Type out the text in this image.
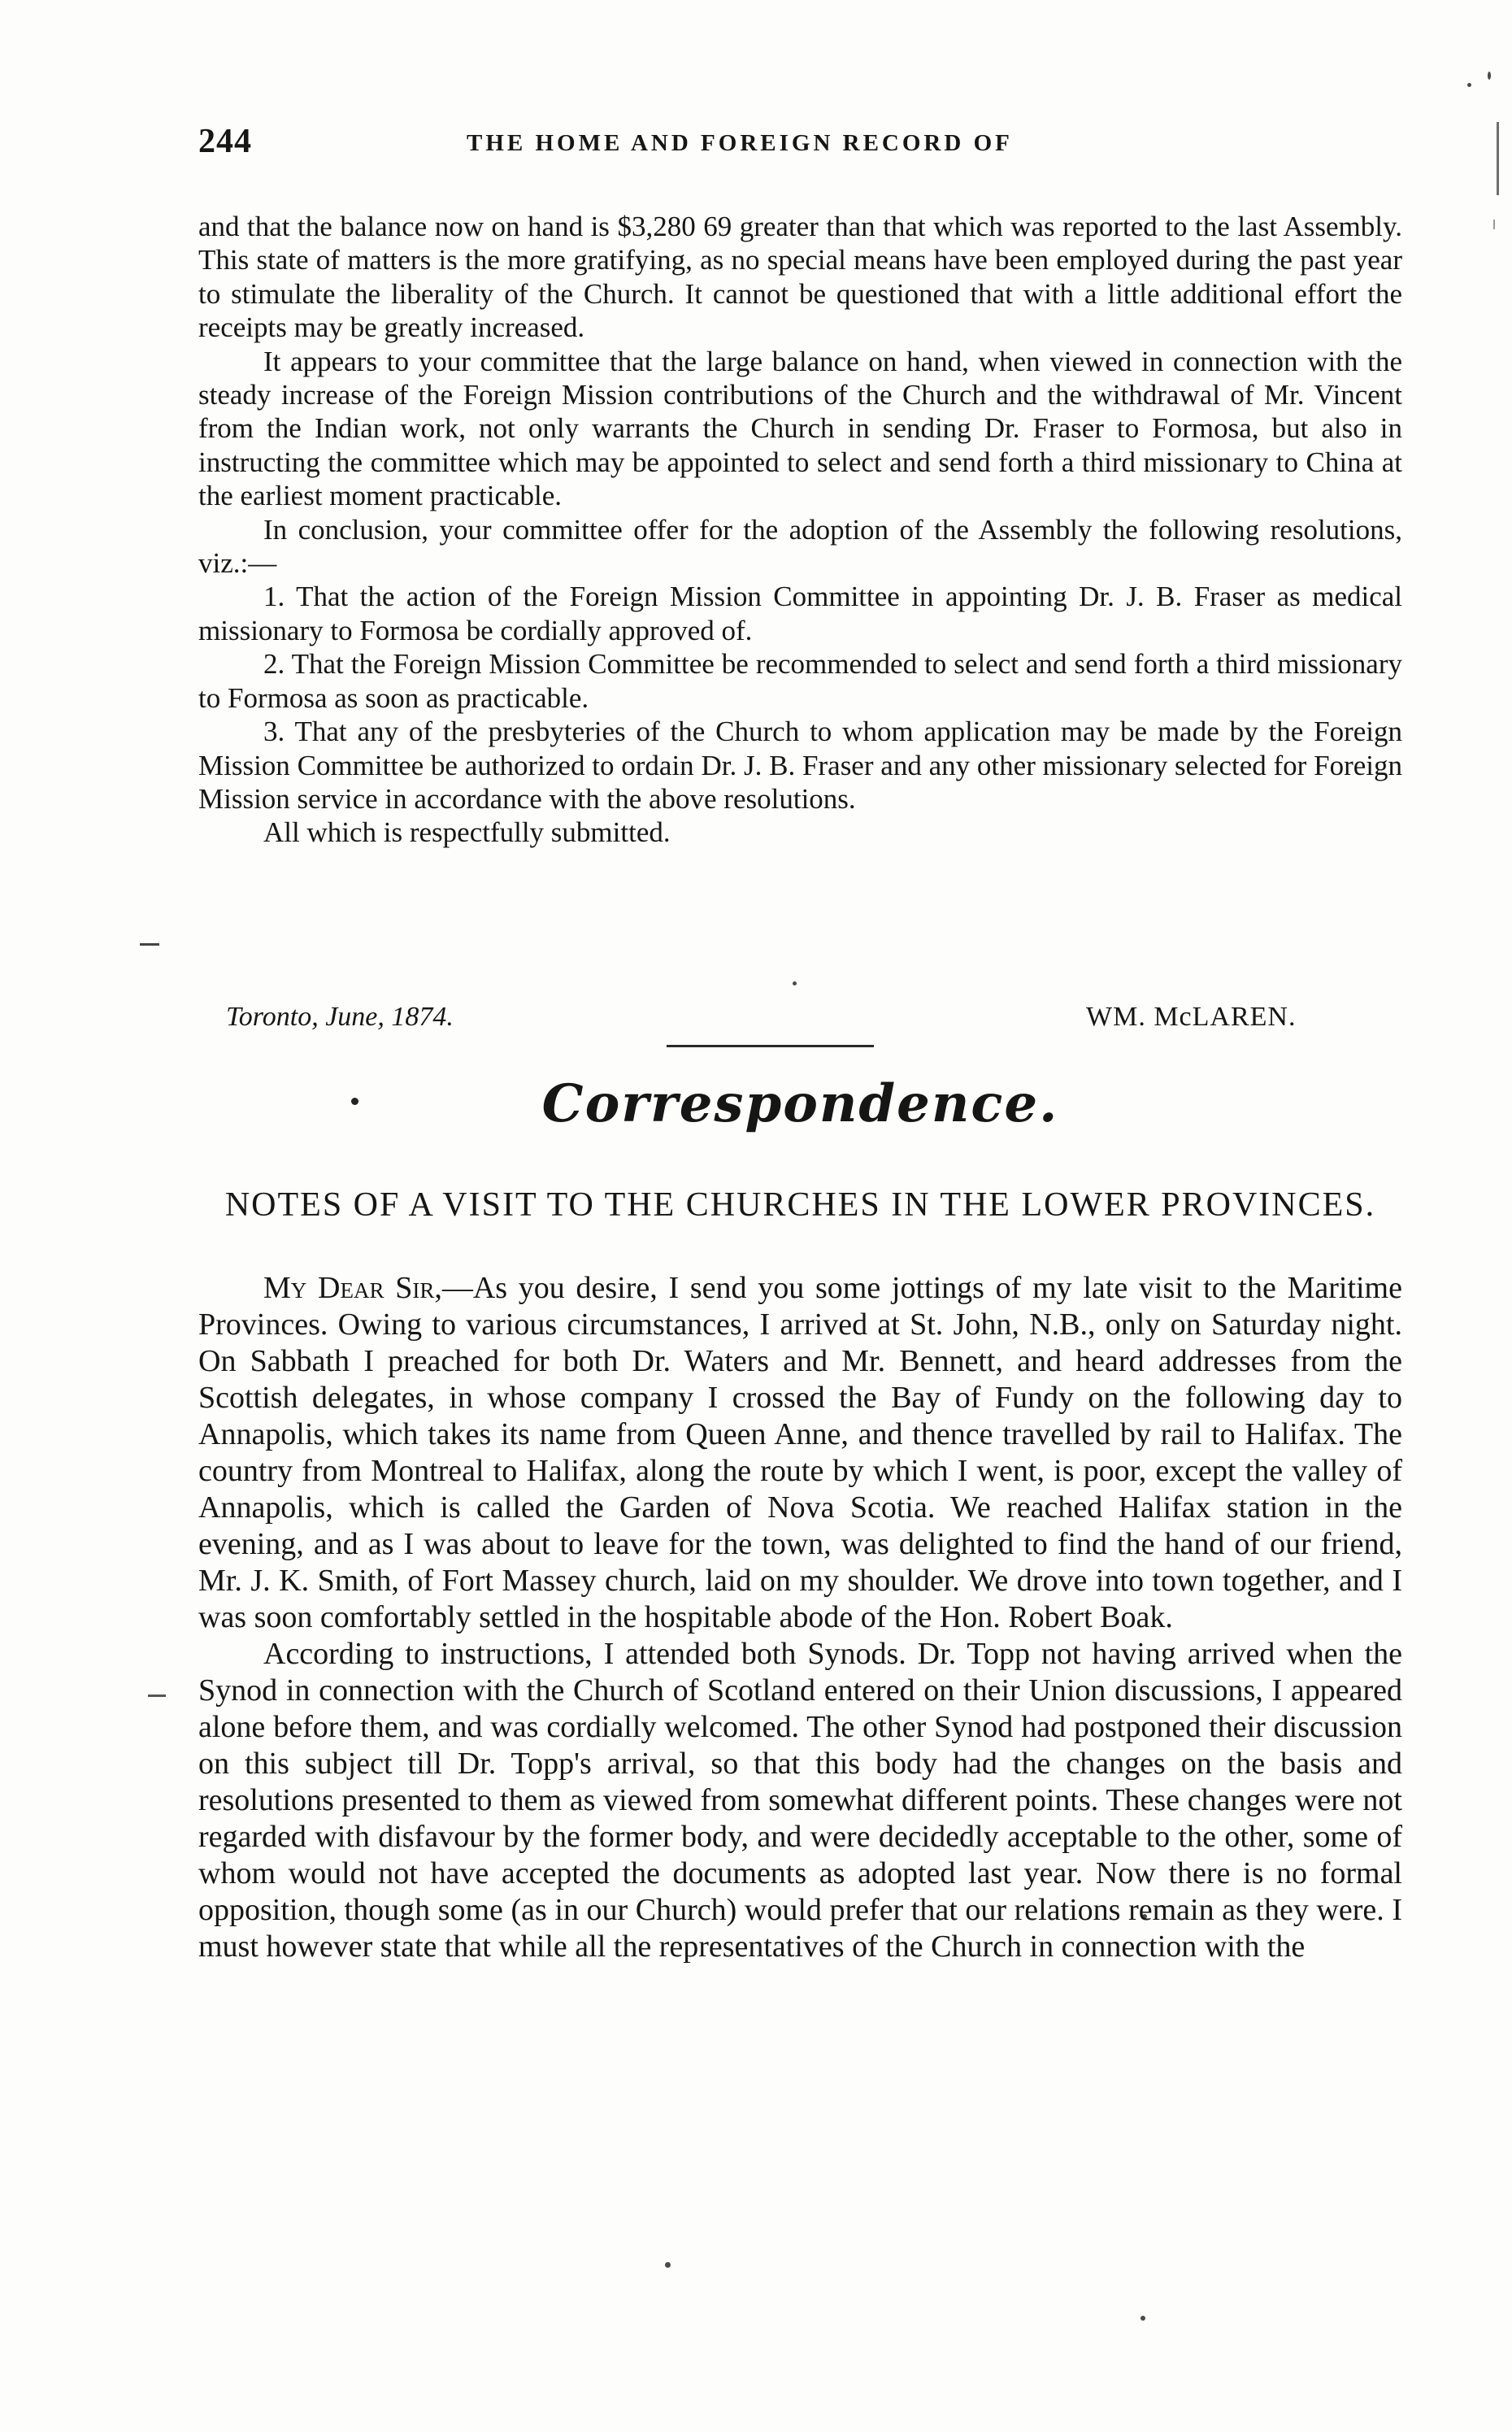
244	THE HOME AND FOREIGN RECORD OF

and that the balance now on hand is $3,280 69 greater than that which was reported to the last Assembly. This state of matters is the more gratifying, as no special means have been employed during the past year to stimulate the liberality of the Church. It cannot be questioned that with a little additional effort the receipts may be greatly increased.

It appears to your committee that the large balance on hand, when viewed in connection with the steady increase of the Foreign Mission contributions of the Church and the withdrawal of Mr. Vincent from the Indian work, not only warrants the Church in sending Dr. Fraser to Formosa, but also in instructing the committee which may be appointed to select and send forth a third missionary to China at the earliest moment practicable.

In conclusion, your committee offer for the adoption of the Assembly the following resolutions, viz.:—

1. That the action of the Foreign Mission Committee in appointing Dr. J. B. Fraser as medical missionary to Formosa be cordially approved of.

2. That the Foreign Mission Committee be recommended to select and send forth a third missionary to Formosa as soon as practicable.

3. That any of the presbyteries of the Church to whom application may be made by the Foreign Mission Committee be authorized to ordain Dr. J. B. Fraser and any other missionary selected for Foreign Mission service in accordance with the above resolutions.

All which is respectfully submitted.

WM. McLAREN.
Toronto, June, 1874.
Correspondence.
NOTES OF A VISIT TO THE CHURCHES IN THE LOWER PROVINCES.

My Dear Sir,—As you desire, I send you some jottings of my late visit to the Maritime Provinces. Owing to various circumstances, I arrived at St. John, N.B., only on Saturday night. On Sabbath I preached for both Dr. Waters and Mr. Bennett, and heard addresses from the Scottish delegates, in whose company I crossed the Bay of Fundy on the following day to Annapolis, which takes its name from Queen Anne, and thence travelled by rail to Halifax. The country from Montreal to Halifax, along the route by which I went, is poor, except the valley of Annapolis, which is called the Garden of Nova Scotia. We reached Halifax station in the evening, and as I was about to leave for the town, was delighted to find the hand of our friend, Mr. J. K. Smith, of Fort Massey church, laid on my shoulder. We drove into town together, and I was soon comfortably settled in the hospitable abode of the Hon. Robert Boak.

According to instructions, I attended both Synods. Dr. Topp not having arrived when the Synod in connection with the Church of Scotland entered on their Union discussions, I appeared alone before them, and was cordially welcomed. The other Synod had postponed their discussion on this subject till Dr. Topp's arrival, so that this body had the changes on the basis and resolutions presented to them as viewed from somewhat different points. These changes were not regarded with disfavour by the former body, and were decidedly acceptable to the other, some of whom would not have accepted the documents as adopted last year. Now there is no formal opposition, though some (as in our Church) would prefer that our relations remain as they were. I must however state that while all the representatives of the Church in connection with the
